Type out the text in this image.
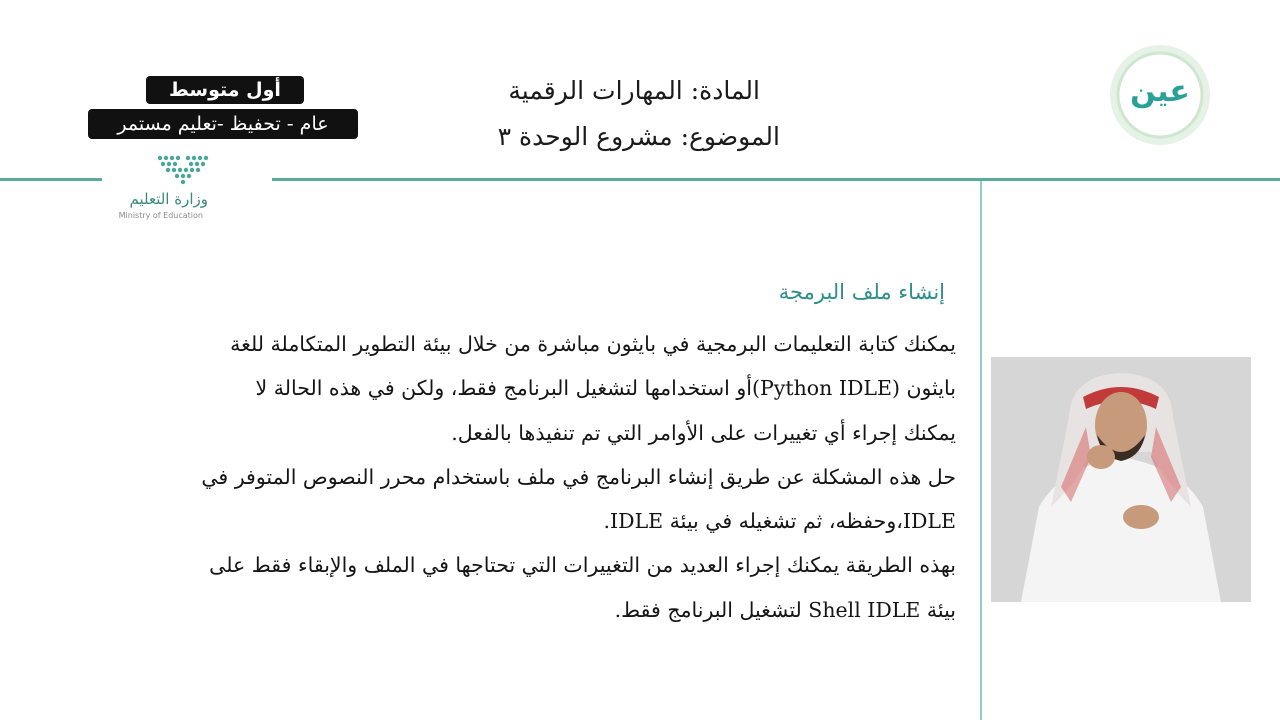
أول متوسط
عام - تحفيظ -تعليم مستمر
وزارة التعليم
Ministry of Education
المادة: المهارات الرقمية
الموضوع: مشروع الوحدة ٣
عين
إنشاء ملف البرمجة
يمكنك كتابة التعليمات البرمجية في بايثون مباشرة من خلال بيئة التطوير المتكاملة للغة
بايثون (Python IDLE)أو استخدامها لتشغيل البرنامج فقط، ولكن في هذه الحالة لا
يمكنك إجراء أي تغييرات على الأوامر التي تم تنفيذها بالفعل.
حل هذه المشكلة عن طريق إنشاء البرنامج في ملف باستخدام محرر النصوص المتوفر في
IDLE،وحفظه، ثم تشغيله في بيئة IDLE.
بهذه الطريقة يمكنك إجراء العديد من التغييرات التي تحتاجها في الملف والإبقاء فقط على
بيئة Shell IDLE لتشغيل البرنامج فقط.
